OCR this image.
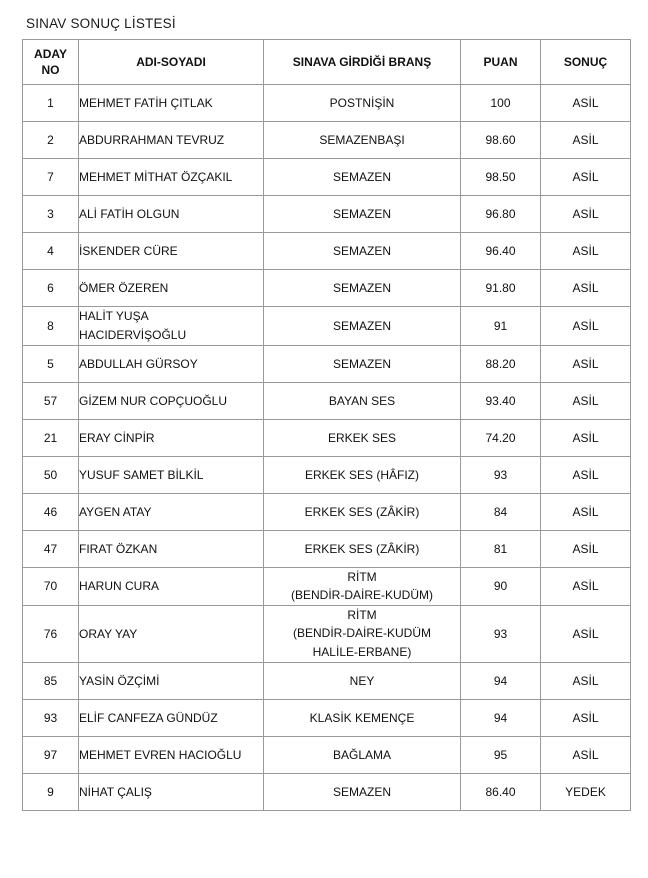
SINAV SONUÇ LİSTESİ
ADAY
NO	ADI-SOYADI	SINAVA GİRDİĞİ BRANŞ	PUAN	SONUÇ
1	MEHMET FATİH ÇITLAK	POSTNİŞİN	100	ASİL
2	ABDURRAHMAN TEVRUZ	SEMAZENBAŞI	98.60	ASİL
7	MEHMET MİTHAT ÖZÇAKIL	SEMAZEN	98.50	ASİL
3	ALİ FATİH OLGUN	SEMAZEN	96.80	ASİL
4	İSKENDER CÜRE	SEMAZEN	96.40	ASİL
6	ÖMER ÖZEREN	SEMAZEN	91.80	ASİL
8	HALİT YUŞA
HACIDERVİŞOĞLU	SEMAZEN	91	ASİL
5	ABDULLAH GÜRSOY	SEMAZEN	88.20	ASİL
57	GİZEM NUR COPÇUOĞLU	BAYAN SES	93.40	ASİL
21	ERAY CİNPİR	ERKEK SES	74.20	ASİL
50	YUSUF SAMET BİLKİL	ERKEK SES (HÂFIZ)	93	ASİL
46	AYGEN ATAY	ERKEK SES (ZÂKİR)	84	ASİL
47	FIRAT ÖZKAN	ERKEK SES (ZÂKİR)	81	ASİL
70	HARUN CURA	RİTM
(BENDİR-DAİRE-KUDÜM)	90	ASİL
76	ORAY YAY	RİTM
(BENDİR-DAİRE-KUDÜM
HALİLE-ERBANE)	93	ASİL
85	YASİN ÖZÇİMİ	NEY	94	ASİL
93	ELİF CANFEZA GÜNDÜZ	KLASİK KEMENÇE	94	ASİL
97	MEHMET EVREN HACIOĞLU	BAĞLAMA	95	ASİL
9	NİHAT ÇALIŞ	SEMAZEN	86.40	YEDEK
